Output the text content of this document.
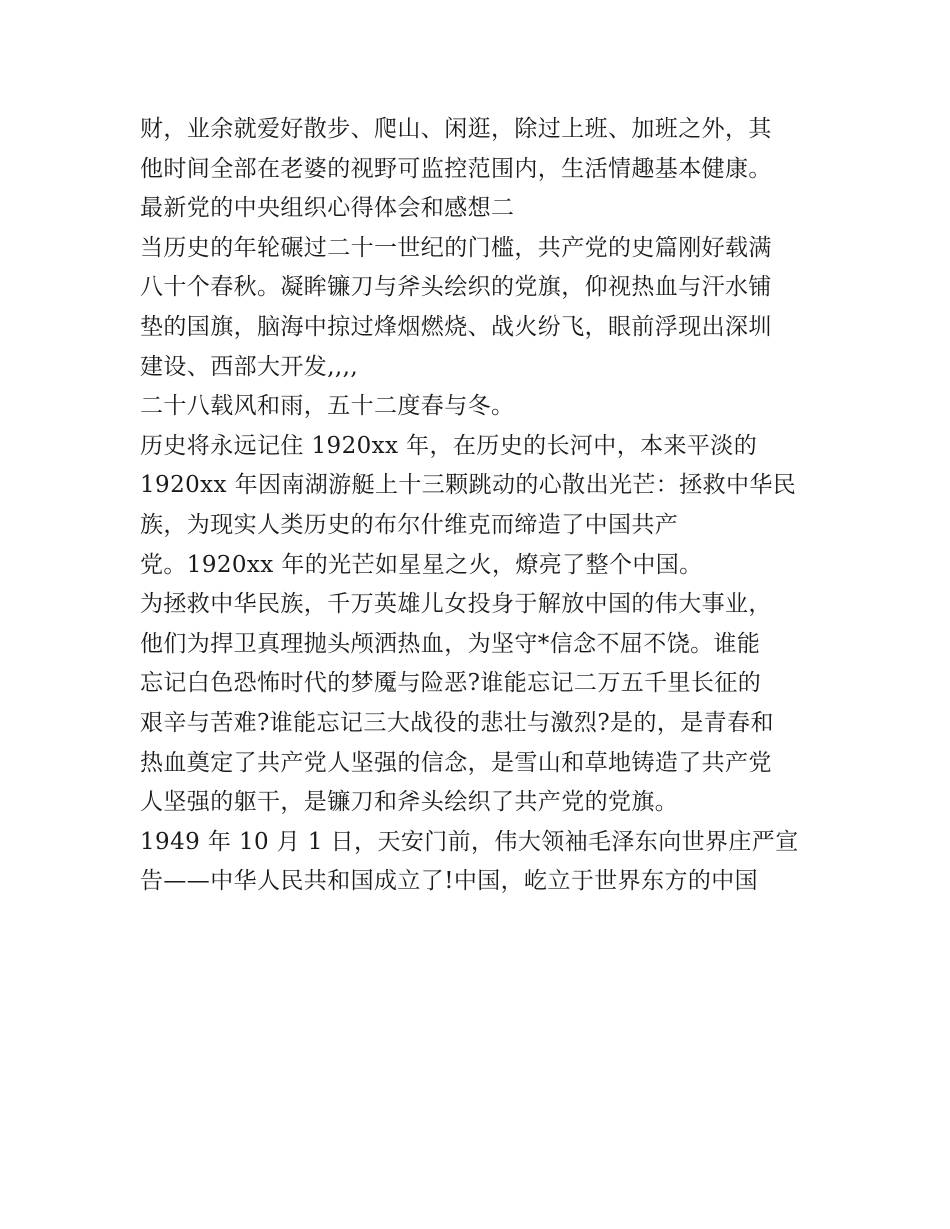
财，业余就爱好散步、爬山、闲逛，除过上班、加班之外，其
他时间全部在老婆的视野可监控范围内，生活情趣基本健康。
最新党的中央组织心得体会和感想二
当历史的年轮碾过二十一世纪的门槛，共产党的史篇刚好载满
八十个春秋。凝眸镰刀与斧头绘织的党旗，仰视热血与汗水铺
垫的国旗，脑海中掠过烽烟燃烧、战火纷飞，眼前浮现出深圳
建设、西部大开发,,,,
二十八载风和雨，五十二度春与冬。
历史将永远记住 1920xx 年，在历史的长河中，本来平淡的
1920xx 年因南湖游艇上十三颗跳动的心散出光芒：拯救中华民
族，为现实人类历史的布尔什维克而缔造了中国共产
党。1920xx 年的光芒如星星之火，燎亮了整个中国。
为拯救中华民族，千万英雄儿女投身于解放中国的伟大事业，
他们为捍卫真理抛头颅洒热血，为坚守*信念不屈不饶。谁能
忘记白色恐怖时代的梦魇与险恶?谁能忘记二万五千里长征的
艰辛与苦难?谁能忘记三大战役的悲壮与激烈?是的，是青春和
热血奠定了共产党人坚强的信念，是雪山和草地铸造了共产党
人坚强的躯干，是镰刀和斧头绘织了共产党的党旗。
1949 年 10 月 1 日，天安门前，伟大领袖毛泽东向世界庄严宣
告——中华人民共和国成立了!中国，屹立于世界东方的中国
